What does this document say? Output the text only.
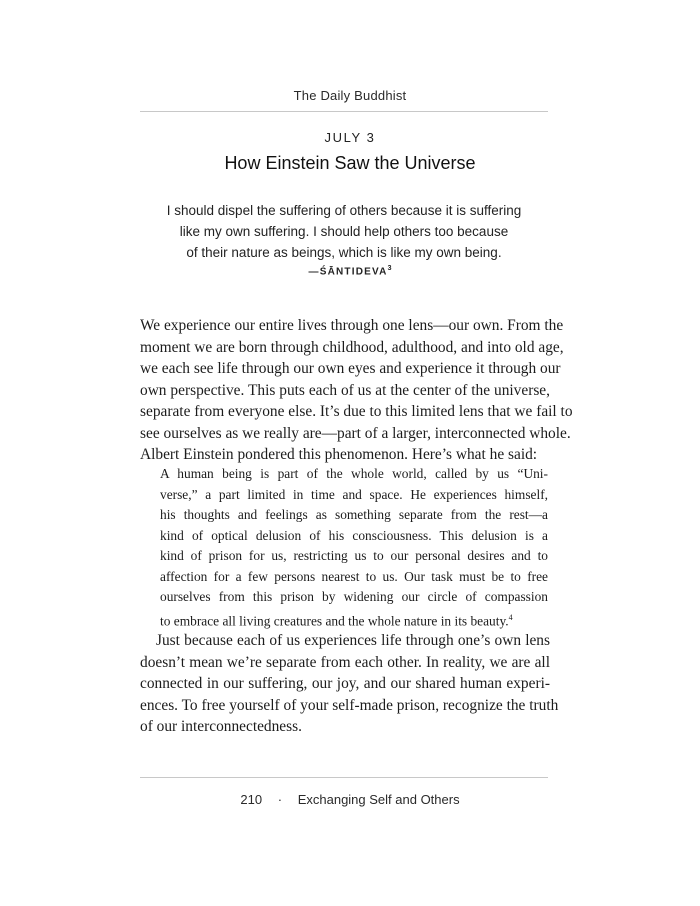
The Daily Buddhist
JULY 3
How Einstein Saw the Universe
I should dispel the suffering of others because it is suffering
like my own suffering. I should help others too because
of their nature as beings, which is like my own being.
—ŚĀNTIDEVA$^3$
We experience our entire lives through one lens—our own. From the
moment we are born through childhood, adulthood, and into old age,
we each see life through our own eyes and experience it through our
own perspective. This puts each of us at the center of the universe,
separate from everyone else. It’s due to this limited lens that we fail to
see ourselves as we really are—part of a larger, interconnected whole.
Albert Einstein pondered this phenomenon. Here’s what he said:
A human being is part of the whole world, called by us “Uni-
verse,” a part limited in time and space. He experiences himself,
his thoughts and feelings as something separate from the rest—a
kind of optical delusion of his consciousness. This delusion is a
kind of prison for us, restricting us to our personal desires and to
affection for a few persons nearest to us. Our task must be to free
ourselves from this prison by widening our circle of compassion
to embrace all living creatures and the whole nature in its beauty.$^4$
Just because each of us experiences life through one’s own lens
doesn’t mean we’re separate from each other. In reality, we are all
connected in our suffering, our joy, and our shared human experi-
ences. To free yourself of your self-made prison, recognize the truth
of our interconnectedness.
210 · Exchanging Self and Others
